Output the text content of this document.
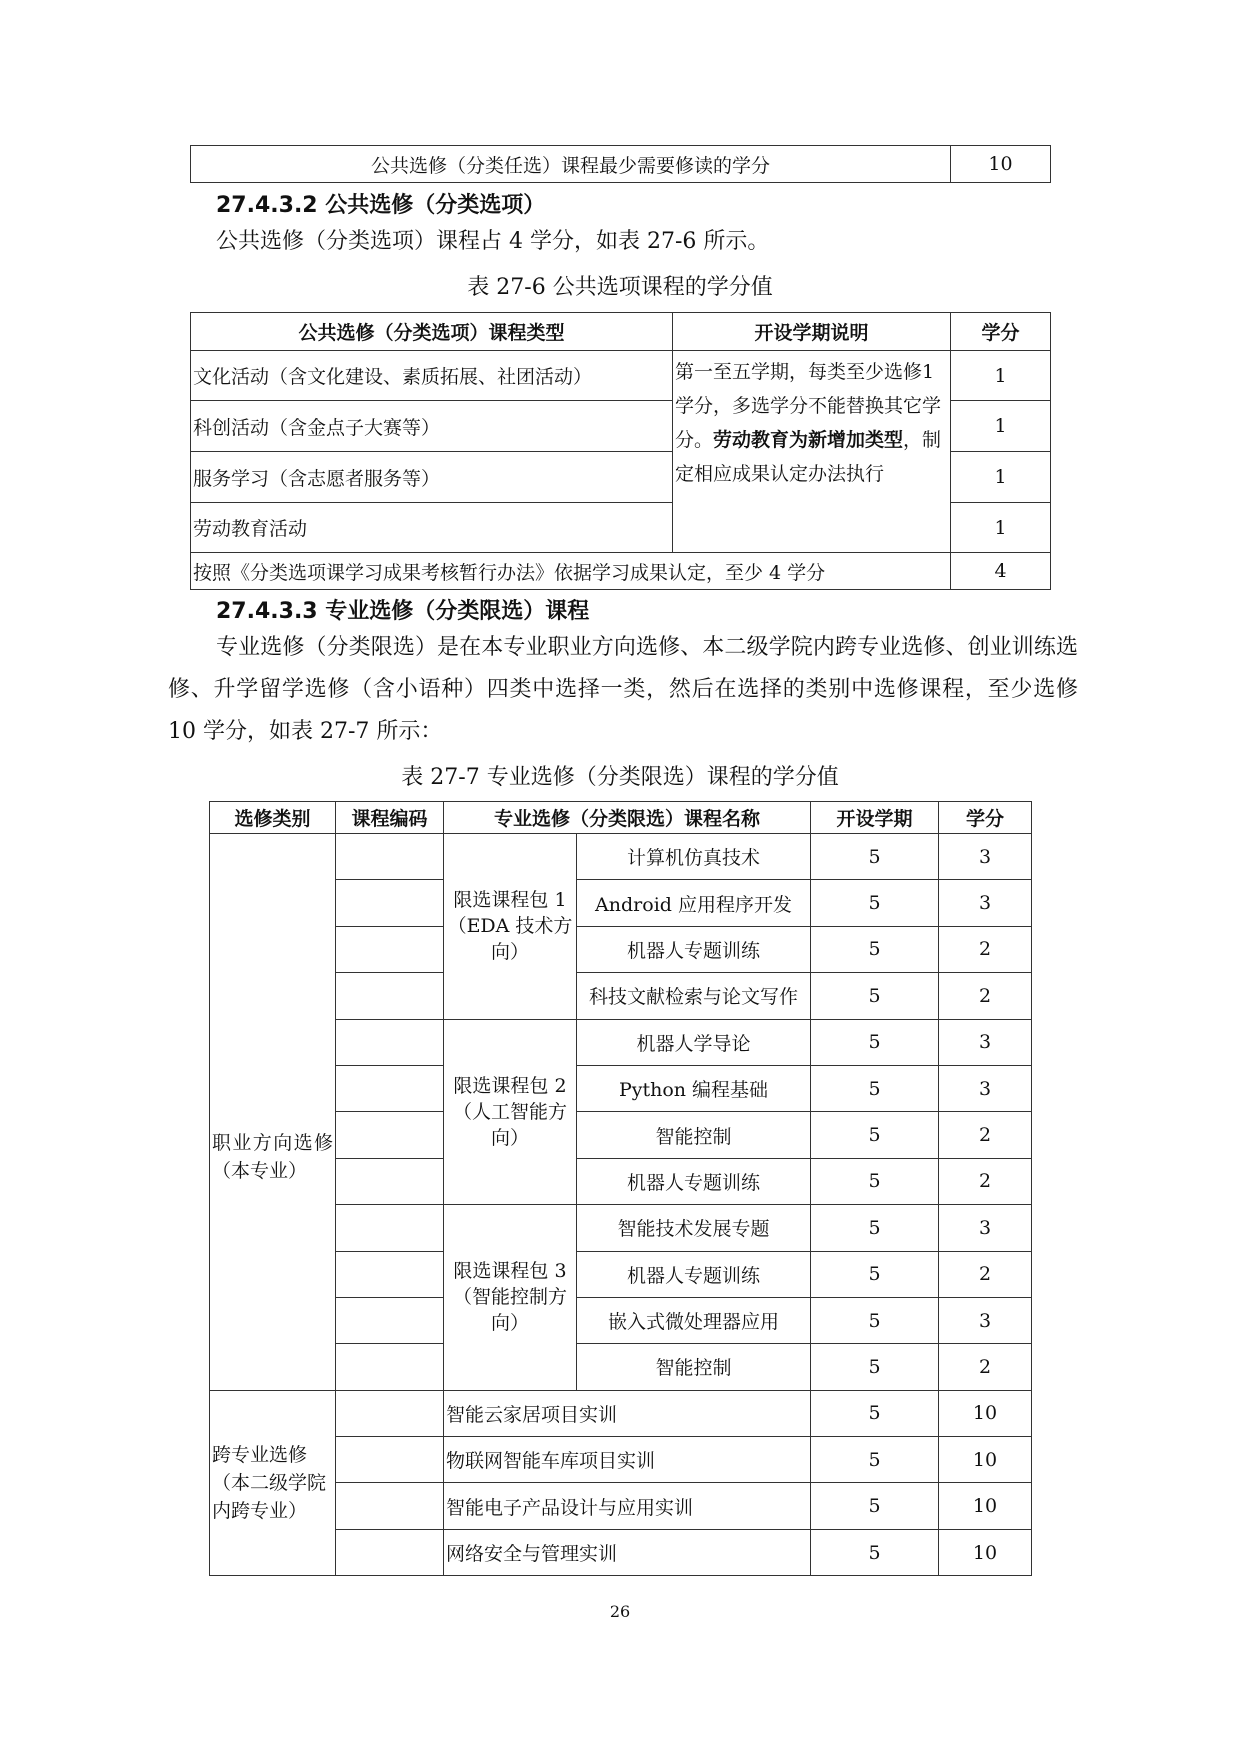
公共选修（分类任选）课程最少需要修读的学分	10
27.4.3.2 公共选修（分类选项）
公共选修（分类选项）课程占 4 学分，如表 27-6 所示。
表 27-6 公共选项课程的学分值
公共选修（分类选项）课程类型	开设学期说明	学分
文化活动（含文化建设、素质拓展、社团活动）	第一至五学期，每类至少选修1 学分，多选学分不能替换其它学分。劳动教育为新增加类型，制定相应成果认定办法执行	1
科创活动（含金点子大赛等）		1
服务学习（含志愿者服务等）		1
劳动教育活动		1
按照《分类选项课学习成果考核暂行办法》依据学习成果认定，至少 4 学分		4
27.4.3.3 专业选修（分类限选）课程
专业选修（分类限选）是在本专业职业方向选修、本二级学院内跨专业选修、创业训练选修、升学留学选修（含小语种）四类中选择一类，然后在选择的类别中选修课程，至少选修 10 学分，如表 27-7 所示：
表 27-7 专业选修（分类限选）课程的学分值
选修类别	课程编码	专业选修（分类限选）课程名称		开设学期	学分
职业方向选修（本专业）		限选课程包 1（EDA 技术方向）	计算机仿真技术	5	3
			Android 应用程序开发	5	3
			机器人专题训练	5	2
			科技文献检索与论文写作	5	2
		限选课程包 2（人工智能方向）	机器人学导论	5	3
			Python 编程基础	5	3
			智能控制	5	2
			机器人专题训练	5	2
		限选课程包 3（智能控制方向）	智能技术发展专题	5	3
			机器人专题训练	5	2
			嵌入式微处理器应用	5	3
			智能控制	5	2
跨专业选修（本二级学院内跨专业）		智能云家居项目实训		5	10
		物联网智能车库项目实训		5	10
		智能电子产品设计与应用实训		5	10
		网络安全与管理实训		5	10
26
